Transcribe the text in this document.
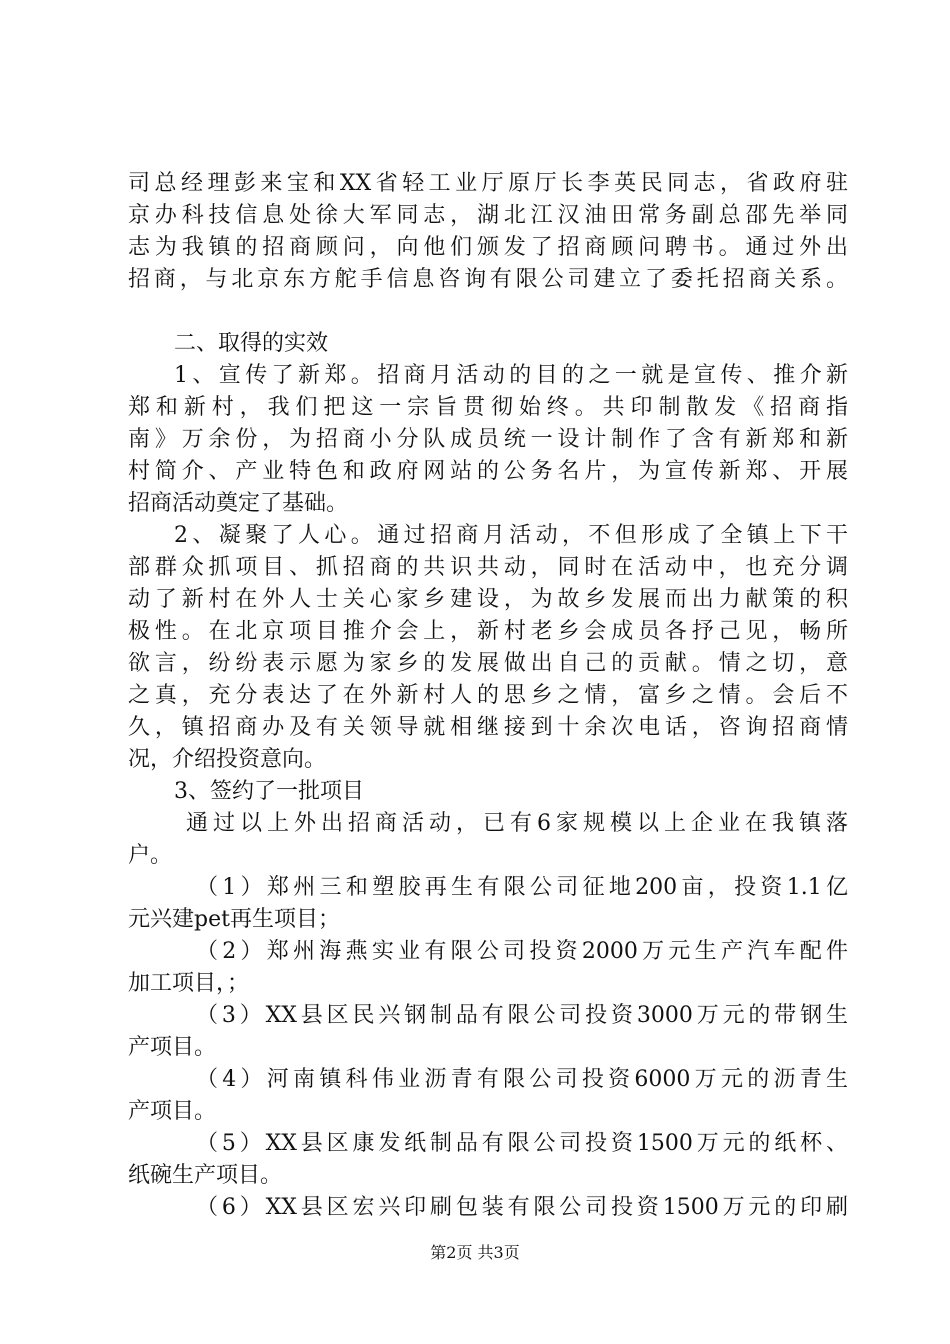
司总经理彭来宝和XX省轻工业厅原厅长李英民同志，省政府驻
京办科技信息处徐大军同志，湖北江汉油田常务副总邵先举同
志为我镇的招商顾问，向他们颁发了招商顾问聘书。通过外出
招商，与北京东方舵手信息咨询有限公司建立了委托招商关系。
二、取得的实效
1、宣传了新郑。招商月活动的目的之一就是宣传、推介新
郑和新村，我们把这一宗旨贯彻始终。共印制散发《招商指
南》万余份，为招商小分队成员统一设计制作了含有新郑和新
村简介、产业特色和政府网站的公务名片，为宣传新郑、开展
招商活动奠定了基础。
2、凝聚了人心。通过招商月活动，不但形成了全镇上下干
部群众抓项目、抓招商的共识共动，同时在活动中，也充分调
动了新村在外人士关心家乡建设，为故乡发展而出力献策的积
极性。在北京项目推介会上，新村老乡会成员各抒己见，畅所
欲言，纷纷表示愿为家乡的发展做出自己的贡献。情之切，意
之真，充分表达了在外新村人的思乡之情，富乡之情。会后不
久，镇招商办及有关领导就相继接到十余次电话，咨询招商情
况，介绍投资意向。
3、签约了一批项目
通过以上外出招商活动，已有6家规模以上企业在我镇落
户。
（1）郑州三和塑胶再生有限公司征地200亩，投资1.1亿
元兴建pet再生项目；
（2）郑州海燕实业有限公司投资2000万元生产汽车配件
加工项目，；
（3）XX县区民兴钢制品有限公司投资3000万元的带钢生
产项目。
（4）河南镇科伟业沥青有限公司投资6000万元的沥青生
产项目。
（5）XX县区康发纸制品有限公司投资1500万元的纸杯、
纸碗生产项目。
（6）XX县区宏兴印刷包装有限公司投资1500万元的印刷
第2页 共3页
